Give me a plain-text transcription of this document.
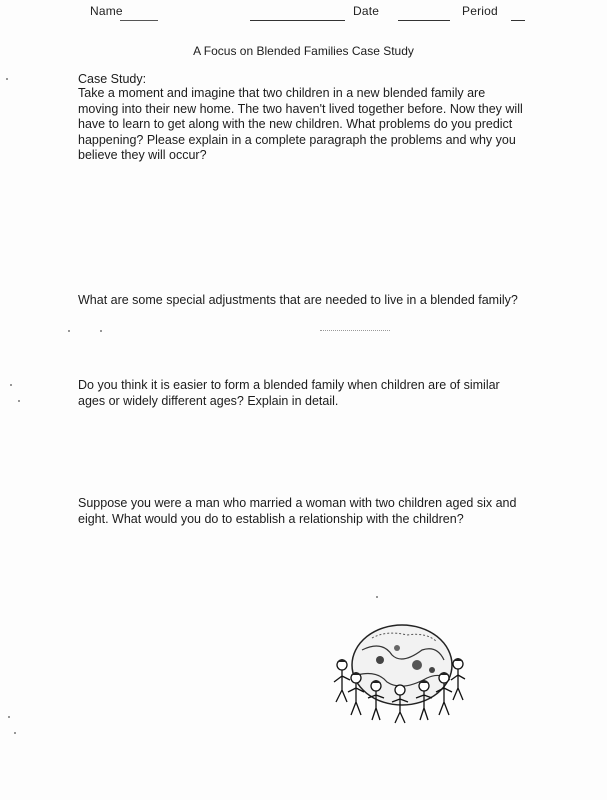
Name	Date	Period
A Focus on Blended Families Case Study
Case Study:

Take a moment and imagine that two children in a new blended family are moving into their new home. The two haven't lived together before. Now they will have to learn to get along with the new children. What problems do you predict happening? Please explain in a complete paragraph the problems and why you believe they will occur?

What are some special adjustments that are needed to live in a blended family?

Do you think it is easier to form a blended family when children are of similar ages or widely different ages? Explain in detail.

Suppose you were a man who married a woman with two children aged six and eight. What would you do to establish a relationship with the children?
